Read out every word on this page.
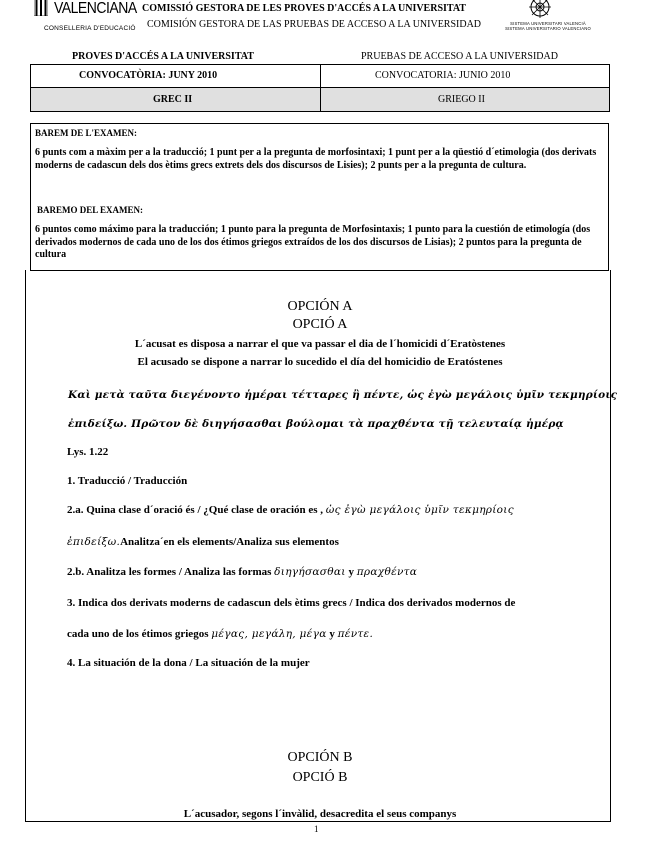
VALENCIANA
CONSELLERIA D'EDUCACIÓ
COMISSIÓ GESTORA DE LES PROVES D'ACCÉS A LA UNIVERSITAT
COMISIÓN GESTORA DE LAS PRUEBAS DE ACCESO A LA UNIVERSIDAD	SISTEMA UNIVERSITARI VALENCIÀ
SISTEMA UNIVERSITARIO VALENCIANO
PROVES D'ACCÉS A LA UNIVERSITAT	PRUEBAS DE ACCESO A LA UNIVERSIDAD
CONVOCATÒRIA: JUNY 2010	CONVOCATORIA: JUNIO 2010
GREC II	GRIEGO II
BAREM DE L'EXAMEN:
6 punts com a màxim per a la traducció; 1 punt per a la pregunta de morfosintaxi; 1 punt per a la qüestió d´etimologia (dos derivats moderns de cadascun dels dos ètims grecs extrets dels dos discursos de Lisies); 2 punts per a la pregunta de cultura.
BAREMO DEL EXAMEN:
6 puntos como máximo para la traducción; 1 punto para la pregunta de Morfosintaxis; 1 punto para la cuestión de etimología (dos derivados modernos de cada uno de los dos étimos griegos extraídos de los dos discursos de Lisias); 2 puntos para la pregunta de cultura
OPCIÓN A
OPCIÓ A
L´acusat es disposa a narrar el que va passar el dia de l´homicidi d´Eratòstenes
El acusado se dispone a narrar lo sucedido el día del homicidio de Eratóstenes
Καὶ μετὰ ταῦτα διεγένοντο ἡμέραι τέτταρες ἢ πέντε, ὡς ἐγὼ μεγάλοις ὑμῖν τεκμηρίοις
ἐπιδείξω. Πρῶτον δὲ διηγήσασθαι βούλομαι τὰ πραχθέντα τῇ τελευταίᾳ ἡμέρᾳ
Lys. 1.22
1. Traducció / Traducción
2.a. Quina clase d´oració és / ¿Qué clase de oración es , ὡς ἐγὼ μεγάλοις ὑμῖν τεκμηρίοις
ἐπιδείξω.Analitza´en els elements/Analiza sus elementos
2.b. Analitza les formes / Analiza las formas διηγήσασθαι y πραχθέντα
3. Indica dos derivats moderns de cadascun dels ètims grecs / Indica dos derivados modernos de
cada uno de los étimos griegos μέγας, μεγάλη, μέγα y πέντε.
4. La situación de la dona / La situación de la mujer
OPCIÓN B
OPCIÓ B
L´acusador, segons l´invàlid, desacredita el seus companys
1
